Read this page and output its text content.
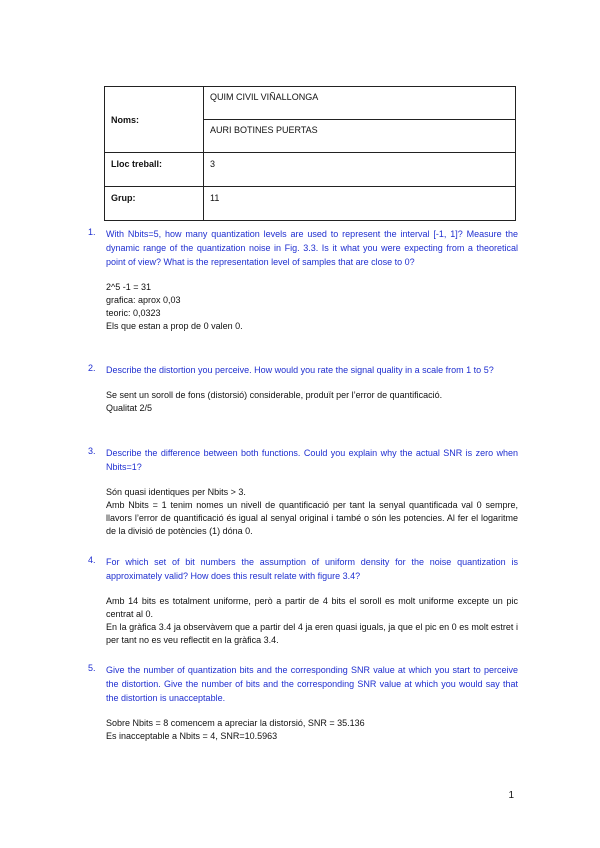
Noms:	QUIM CIVIL VIÑALLONGA
	AURI BOTINES PUERTAS
Lloc treball:	3
Grup:	11
1. With Nbits=5, how many quantization levels are used to represent the interval [-1, 1]? Measure the dynamic range of the quantization noise in Fig. 3.3. Is it what you were expecting from a theoretical point of view? What is the representation level of samples that are close to 0?

2^5 -1 = 31

grafica: aprox 0,03

teoric: 0,0323

Els que estan a prop de 0 valen 0.

2. Describe the distortion you perceive. How would you rate the signal quality in a scale from 1 to 5?

Se sent un soroll de fons (distorsió) considerable, produït per l’error de quantificació.

Qualitat 2/5

3. Describe the difference between both functions. Could you explain why the actual SNR is zero when Nbits=1?

Són quasi identiques per Nbits > 3.

Amb Nbits = 1 tenim nomes un nivell de quantificació per tant la senyal quantificada val 0 sempre, llavors l’error de quantificació és igual al senyal original i també o són les potencies. Al fer el logaritme de la divisió de potències (1) dóna 0.

4. For which set of bit numbers the assumption of uniform density for the noise quantization is approximately valid? How does this result relate with figure 3.4?

Amb 14 bits es totalment uniforme, però a partir de 4 bits el soroll es molt uniforme excepte un pic centrat al 0.

En la gràfica 3.4 ja observàvem que a partir del 4 ja eren quasi iguals, ja que el pic en 0 es molt estret i per tant no es veu reflectit en la gràfica 3.4.

5. Give the number of quantization bits and the corresponding SNR value at which you start to perceive the distortion. Give the number of bits and the corresponding SNR value at which you would say that the distortion is unacceptable.

Sobre Nbits = 8 comencem a apreciar la distorsió, SNR = 35.136

Es inacceptable a Nbits = 4, SNR=10.5963

1
